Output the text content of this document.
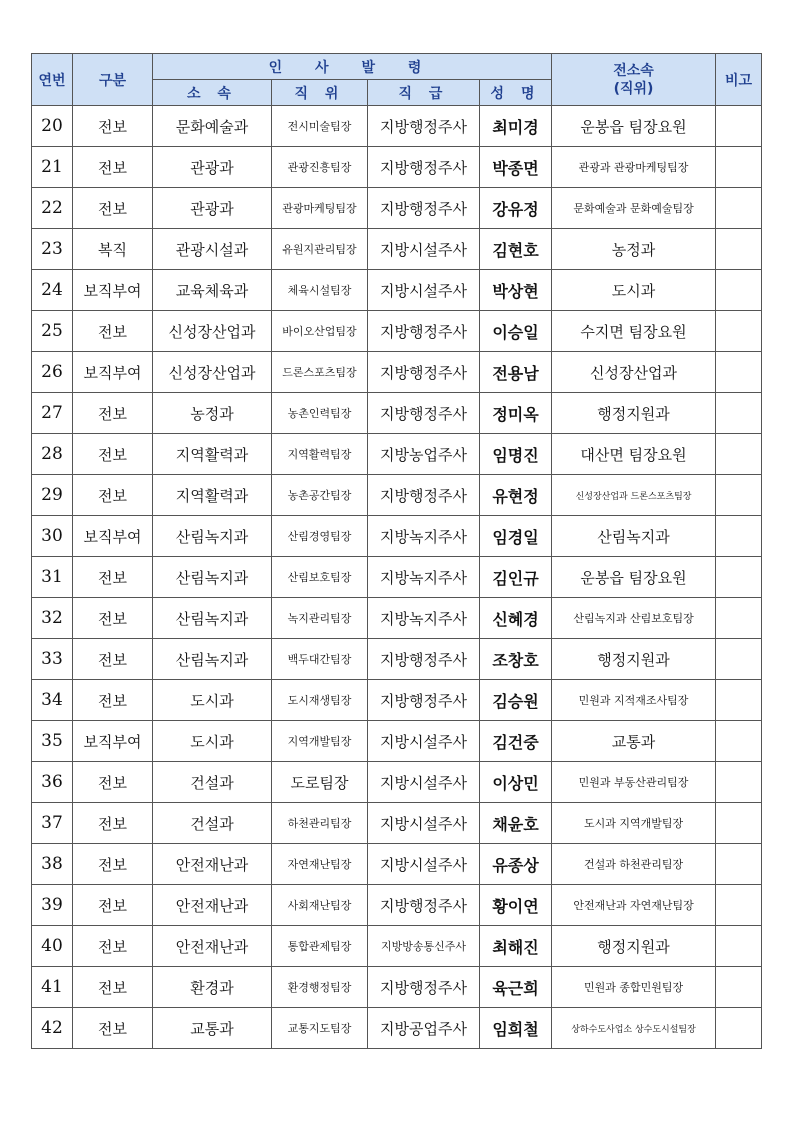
연번	구분	인 사 발 령				전소속
(직위)	비고
		소 속	직 위	직 급	성 명		
20	전보	문화예술과	전시미술팀장	지방행정주사	최미경	운봉읍 팀장요원	
21	전보	관광과	관광진흥팀장	지방행정주사	박종면	관광과 관광마케팅팀장	
22	전보	관광과	관광마케팅팀장	지방행정주사	강유정	문화예술과 문화예술팀장	
23	복직	관광시설과	유원지관리팀장	지방시설주사	김현호	농정과	
24	보직부여	교육체육과	체육시설팀장	지방시설주사	박상현	도시과	
25	전보	신성장산업과	바이오산업팀장	지방행정주사	이승일	수지면 팀장요원	
26	보직부여	신성장산업과	드론스포츠팀장	지방행정주사	전용남	신성장산업과	
27	전보	농정과	농촌인력팀장	지방행정주사	정미옥	행정지원과	
28	전보	지역활력과	지역활력팀장	지방농업주사	임명진	대산면 팀장요원	
29	전보	지역활력과	농촌공간팀장	지방행정주사	유현정	신성장산업과 드론스포츠팀장	
30	보직부여	산림녹지과	산림경영팀장	지방녹지주사	임경일	산림녹지과	
31	전보	산림녹지과	산림보호팀장	지방녹지주사	김인규	운봉읍 팀장요원	
32	전보	산림녹지과	녹지관리팀장	지방녹지주사	신혜경	산림녹지과 산림보호팀장	
33	전보	산림녹지과	백두대간팀장	지방행정주사	조창호	행정지원과	
34	전보	도시과	도시재생팀장	지방행정주사	김승원	민원과 지적재조사팀장	
35	보직부여	도시과	지역개발팀장	지방시설주사	김건중	교통과	
36	전보	건설과	도로팀장	지방시설주사	이상민	민원과 부동산관리팀장	
37	전보	건설과	하천관리팀장	지방시설주사	채윤호	도시과 지역개발팀장	
38	전보	안전재난과	자연재난팀장	지방시설주사	유종상	건설과 하천관리팀장	
39	전보	안전재난과	사회재난팀장	지방행정주사	황이연	안전재난과 자연재난팀장	
40	전보	안전재난과	통합관제팀장	지방방송통신주사	최해진	행정지원과	
41	전보	환경과	환경행정팀장	지방행정주사	육근희	민원과 종합민원팀장	
42	전보	교통과	교통지도팀장	지방공업주사	임희철	상하수도사업소 상수도시설팀장	
